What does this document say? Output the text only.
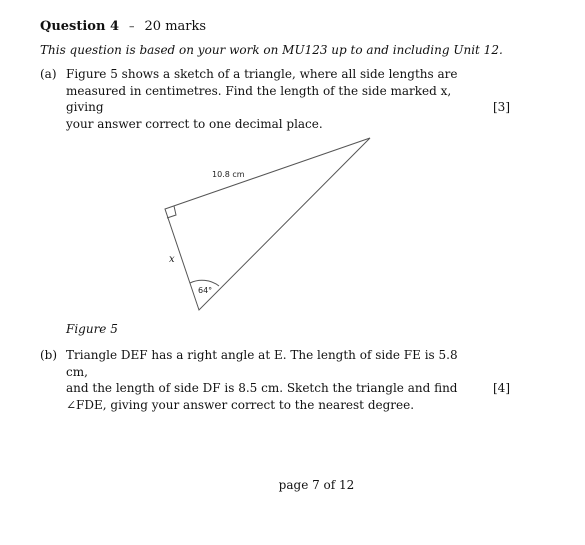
Question 4 – 20 marks
This question is based on your work on MU123 up to and including Unit 12.
(a) Figure 5 shows a sketch of a triangle, where all side lengths are
measured in centimetres. Find the length of the side marked x, giving
your answer correct to one decimal place.
[3]
10.8 cm
x
64°
Figure 5
(b) Triangle DEF has a right angle at E. The length of side FE is 5.8 cm,
and the length of side DF is 8.5 cm. Sketch the triangle and find
∠FDE, giving your answer correct to the nearest degree.
[4]
page 7 of 12
